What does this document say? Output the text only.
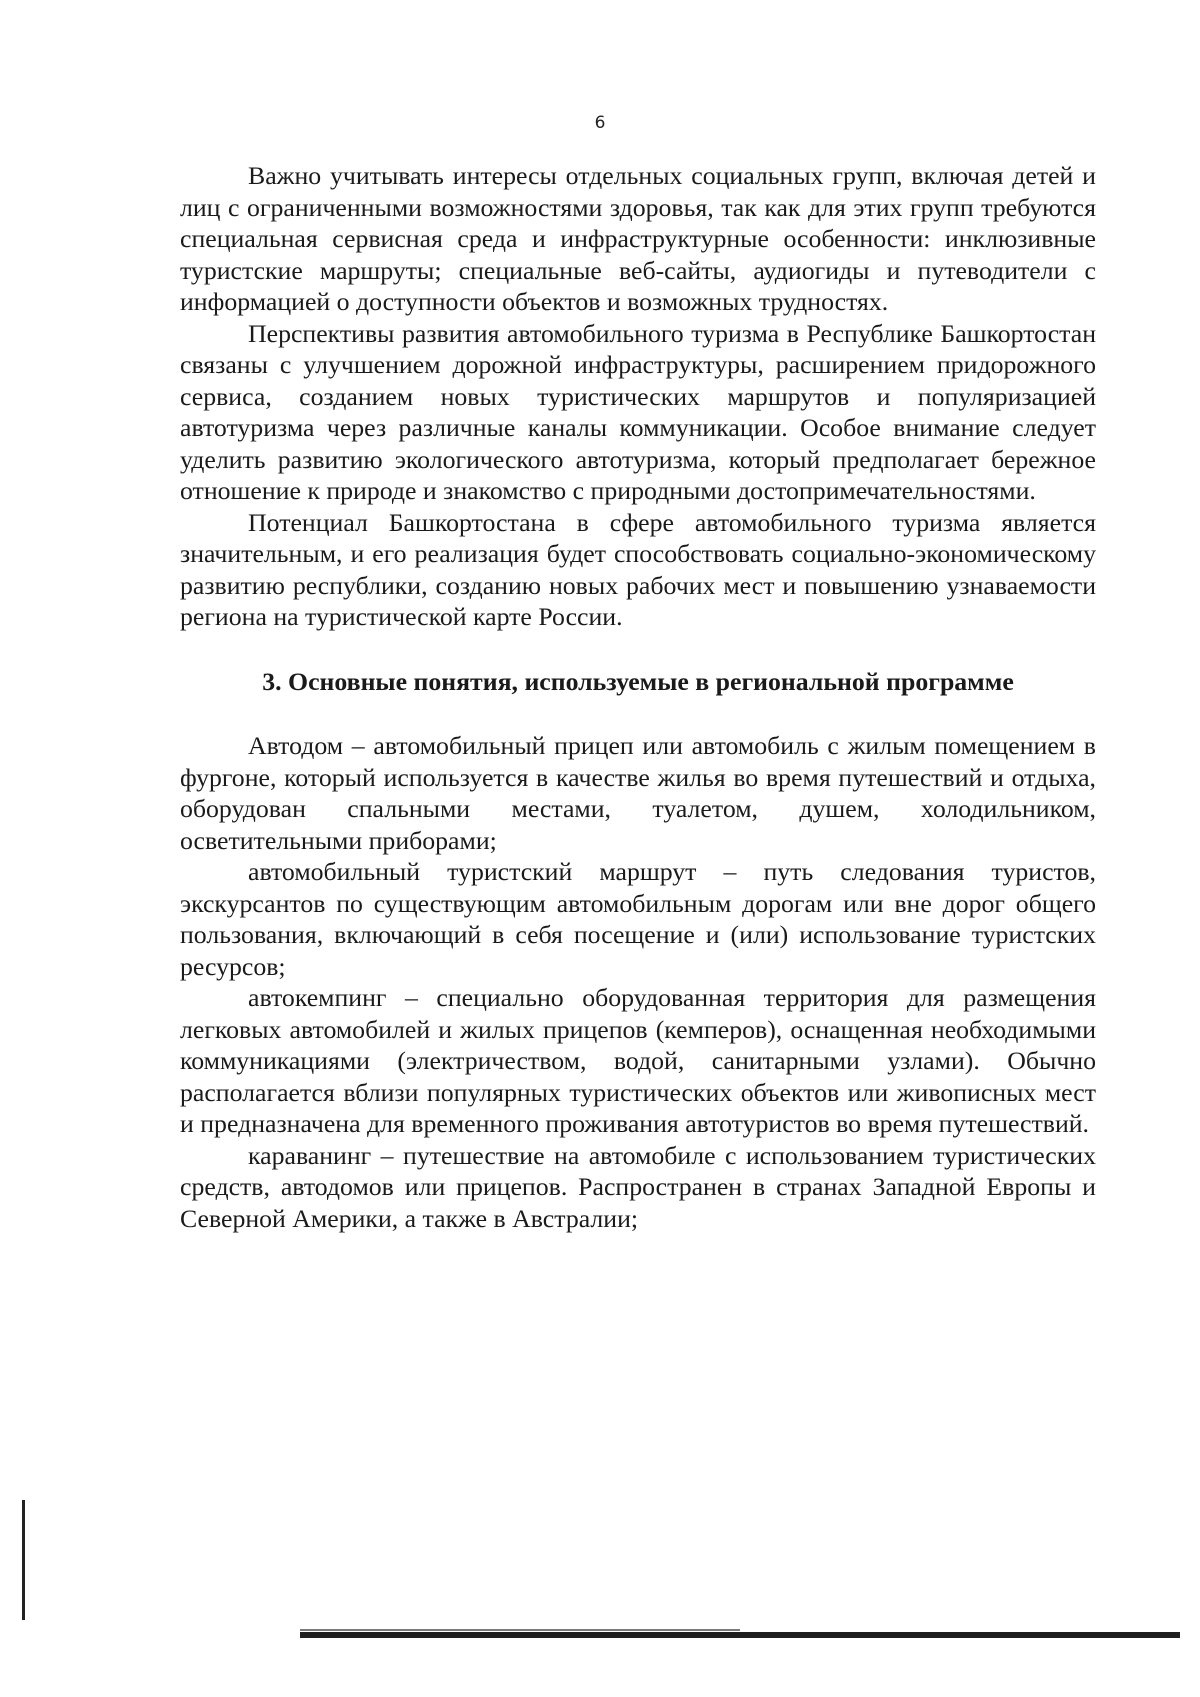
6

Важно учитывать интересы отдельных социальных групп, включая детей и лиц с ограниченными возможностями здоровья, так как для этих групп требуются специальная сервисная среда и инфраструктурные особенности: инклюзивные туристские маршруты; специальные веб-сайты, аудиогиды и путеводители с информацией о доступности объектов и возможных трудностях.

Перспективы развития автомобильного туризма в Республике Башкортостан связаны с улучшением дорожной инфраструктуры, расширением придорожного сервиса, созданием новых туристических маршрутов и популяризацией автотуризма через различные каналы коммуникации. Особое внимание следует уделить развитию экологического автотуризма, который предполагает бережное отношение к природе и знакомство с природными достопримечательностями.

Потенциал Башкортостана в сфере автомобильного туризма является значительным, и его реализация будет способствовать социально-экономическому развитию республики, созданию новых рабочих мест и повышению узнаваемости региона на туристической карте России.

3. Основные понятия, используемые в региональной программе

Автодом – автомобильный прицеп или автомобиль с жилым помещением в фургоне, который используется в качестве жилья во время путешествий и отдыха, оборудован спальными местами, туалетом, душем, холодильником, осветительными приборами;

автомобильный туристский маршрут – путь следования туристов, экскурсантов по существующим автомобильным дорогам или вне дорог общего пользования, включающий в себя посещение и (или) использование туристских ресурсов;

автокемпинг – специально оборудованная территория для размещения легковых автомобилей и жилых прицепов (кемперов), оснащенная необходимыми коммуникациями (электричеством, водой, санитарными узлами). Обычно располагается вблизи популярных туристических объектов или живописных мест и предназначена для временного проживания автотуристов во время путешествий.

караванинг – путешествие на автомобиле с использованием туристических средств, автодомов или прицепов. Распространен в странах Западной Европы и Северной Америки, а также в Австралии;
